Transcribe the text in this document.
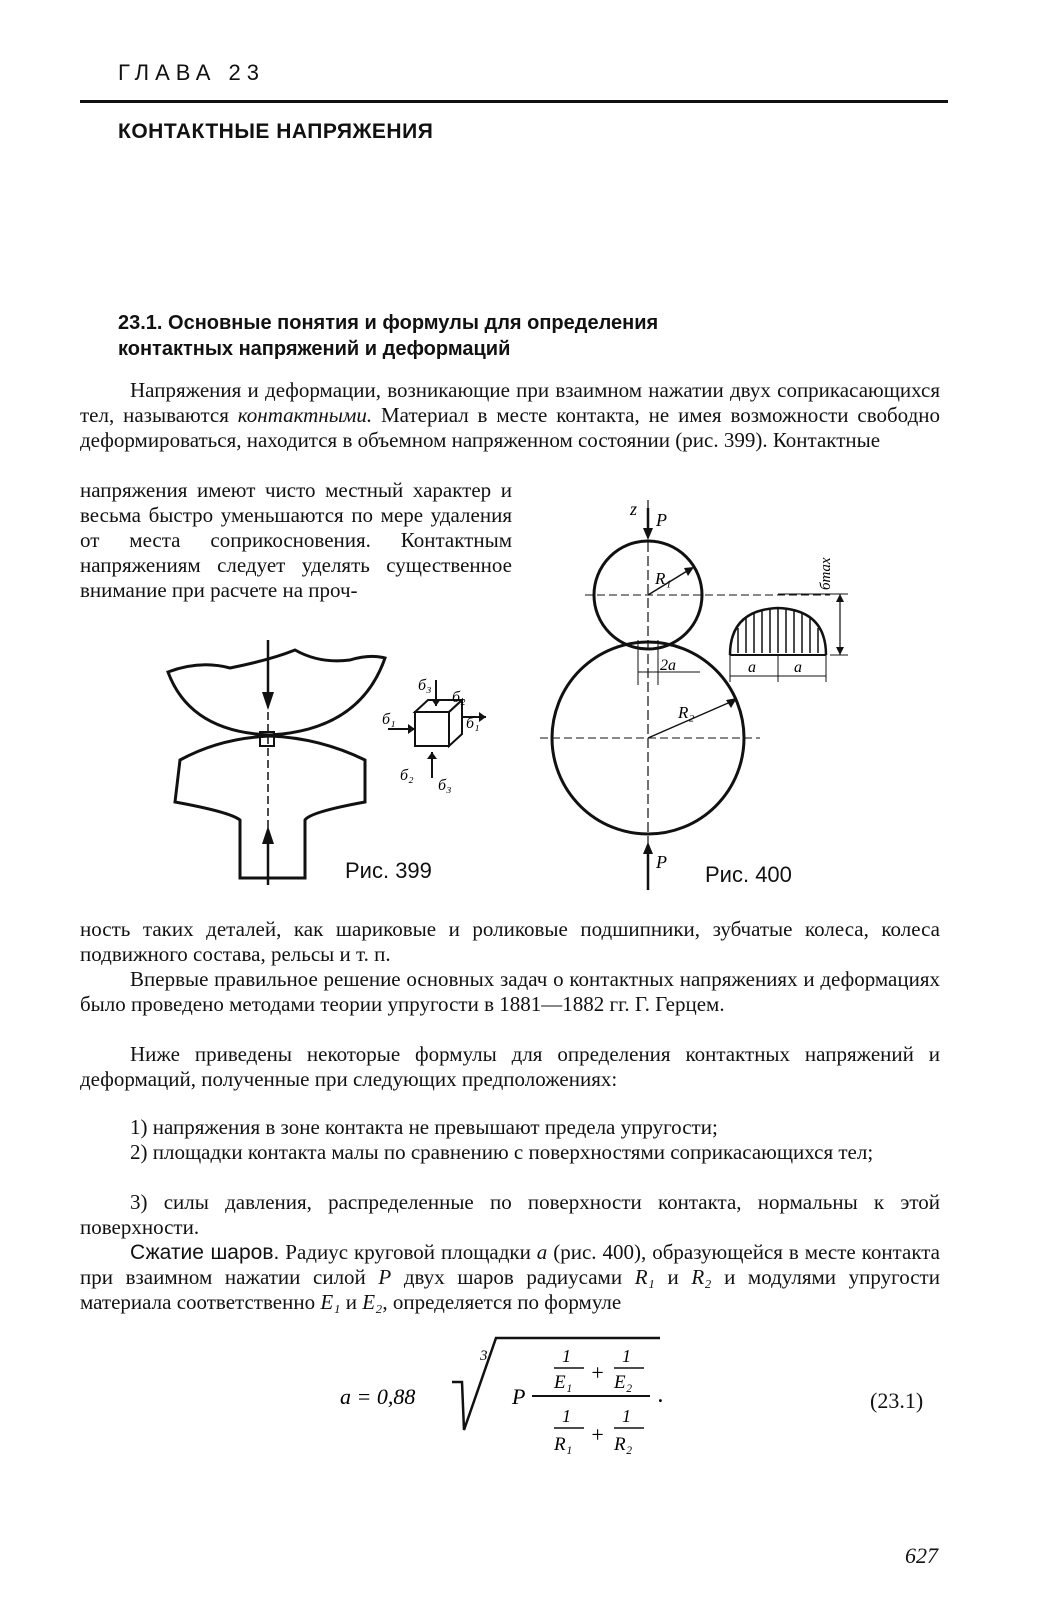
ГЛАВА 23
КОНТАКТНЫЕ НАПРЯЖЕНИЯ
23.1. Основные понятия и формулы для определения
контактных напряжений и деформаций

Напряжения и деформации, возникающие при взаимном нажатии двух соприкасающихся тел, называются контактными. Материал в месте контакта, не имея возможности свободно деформироваться, находится в объемном напряженном состоянии (рис. 399). Контактные

напряжения имеют чисто местный характер и весьма быстро уменьшаются по мере удаления от места соприкосновения. Контактным напряжениям следует уделять существенное внимание при расчете на проч-

б₃
б₂
б₁	б₁
б₂
б₃
Рис. 399
z
P
R₁
R₂
2a	a a
бmax
P Рис. 400

ность таких деталей, как шариковые и роликовые подшипники, зубчатые колеса, колеса подвижного состава, рельсы и т. п.

Впервые правильное решение основных задач о контактных напряжениях и деформациях было проведено методами теории упругости в 1881—1882 гг. Г. Герцем.

Ниже приведены некоторые формулы для определения контактных напряжений и деформаций, полученные при следующих предположениях:

1) напряжения в зоне контакта не превышают предела упругости;

2) площадки контакта малы по сравнению с поверхностями соприкасающихся тел;

3) силы давления, распределенные по поверхности контакта, нормальны к этой поверхности.

Сжатие шаров. Радиус круговой площадки a (рис. 400), образующейся в месте контакта при взаимном нажатии силой P двух шаров радиусами R₁ и R₂ и модулями упругости материала соответственно E₁ и E₂, определяется по формуле

a = 0,88
3
P
1
E₁ +
1
E₂
1
R₁ +
1
R₂
.	(23.1)
627
